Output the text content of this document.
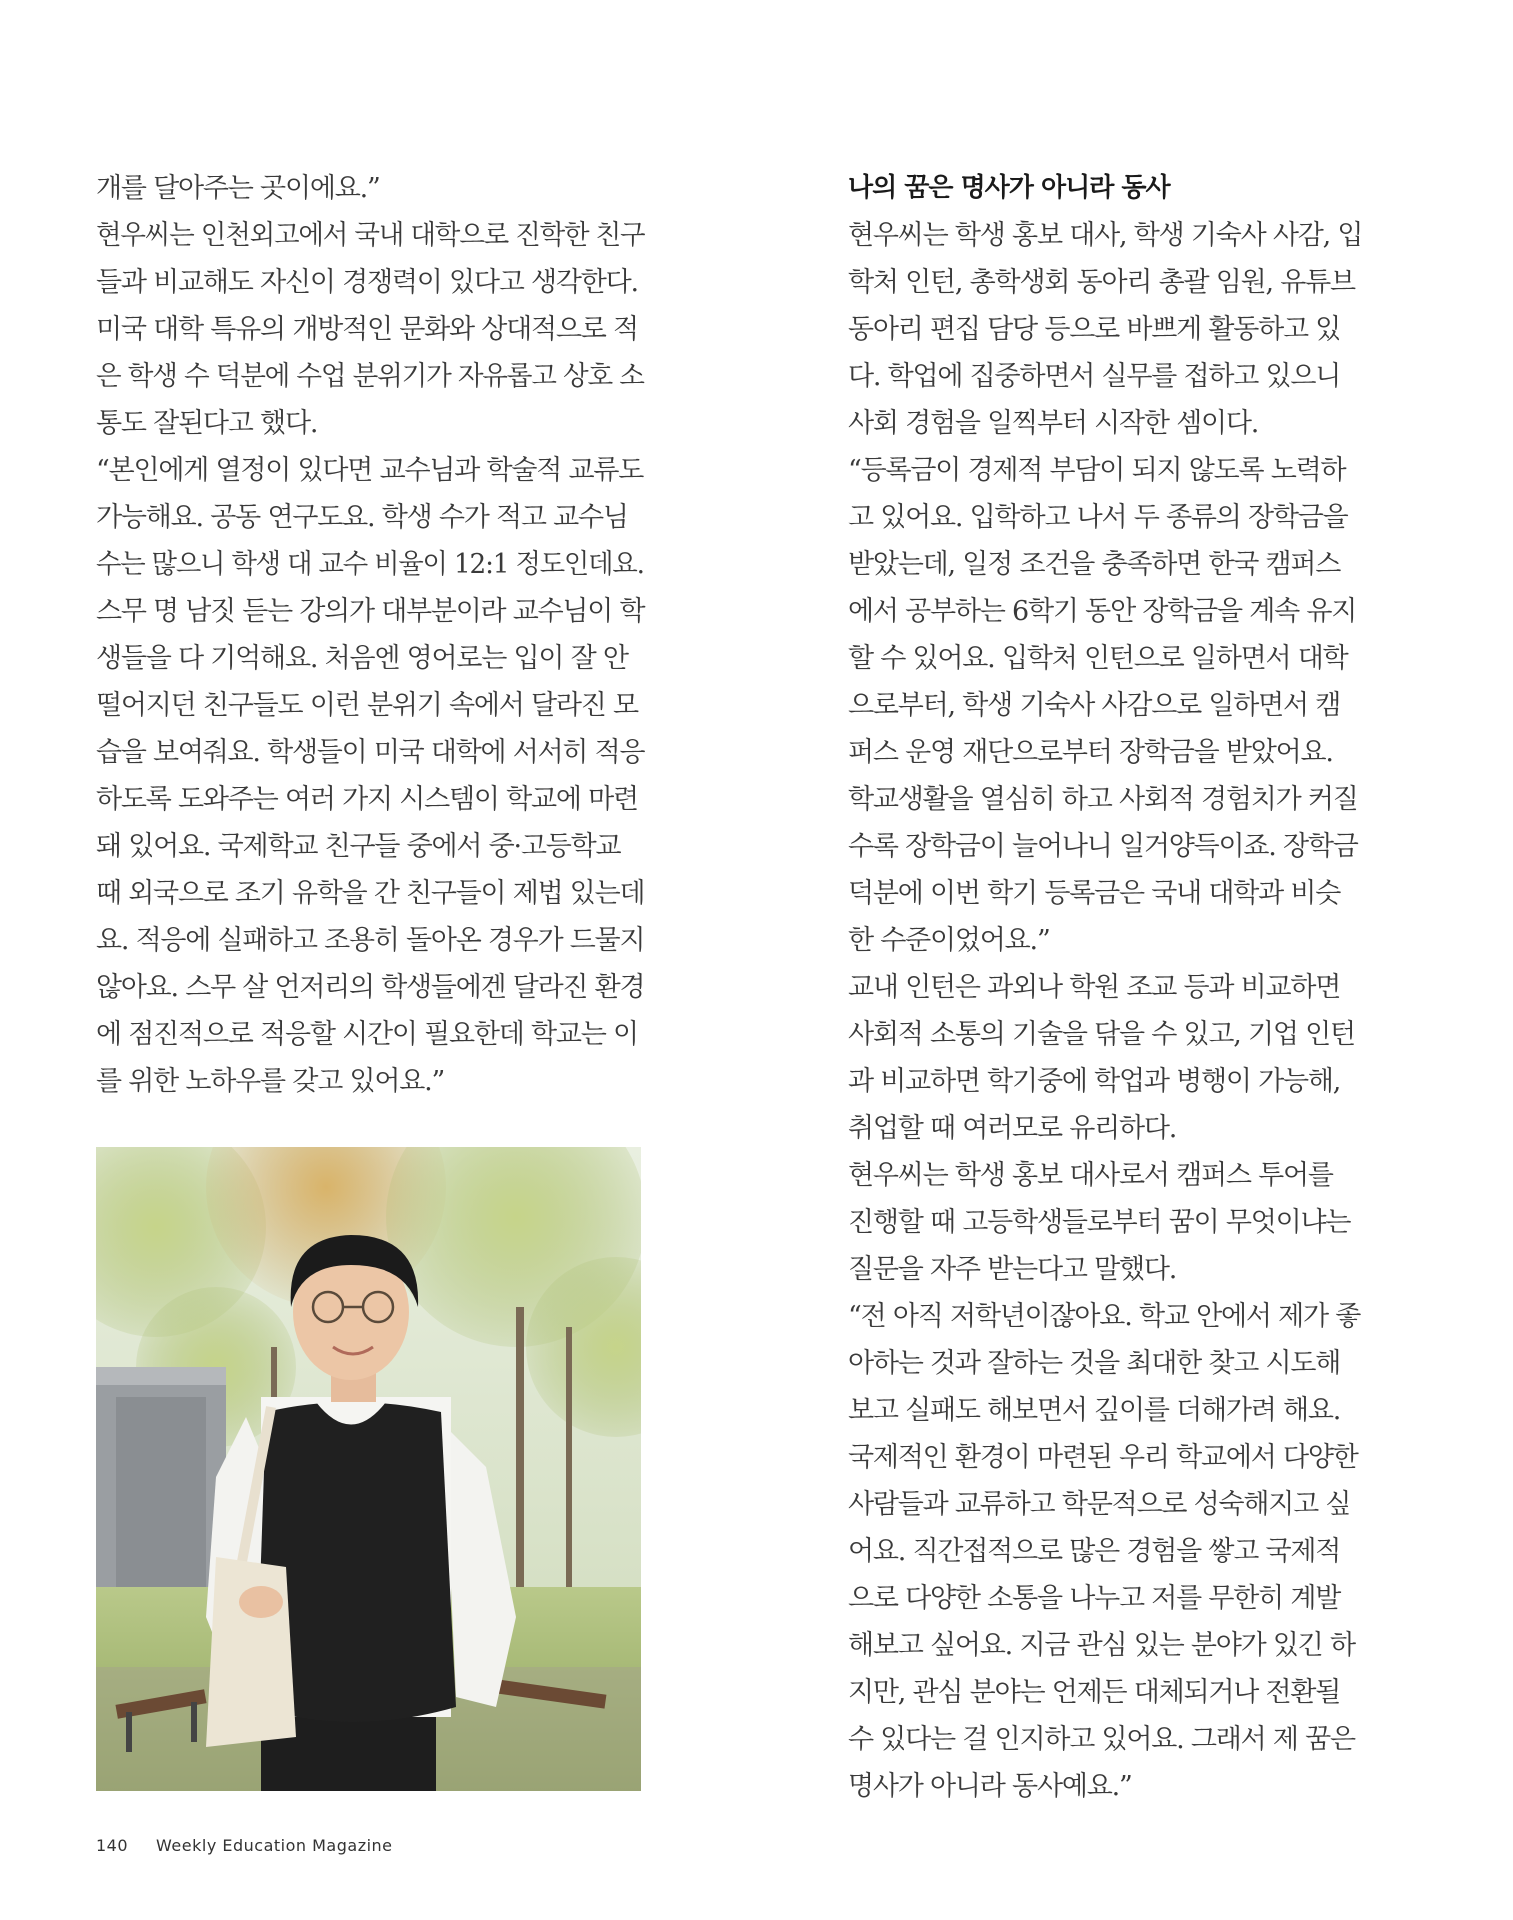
개를 달아주는 곳이에요.”
현우씨는 인천외고에서 국내 대학으로 진학한 친구
들과 비교해도 자신이 경쟁력이 있다고 생각한다.
미국 대학 특유의 개방적인 문화와 상대적으로 적
은 학생 수 덕분에 수업 분위기가 자유롭고 상호 소
통도 잘된다고 했다.
“본인에게 열정이 있다면 교수님과 학술적 교류도
가능해요. 공동 연구도요. 학생 수가 적고 교수님
수는 많으니 학생 대 교수 비율이 12:1 정도인데요.
스무 명 남짓 듣는 강의가 대부분이라 교수님이 학
생들을 다 기억해요. 처음엔 영어로는 입이 잘 안
떨어지던 친구들도 이런 분위기 속에서 달라진 모
습을 보여줘요. 학생들이 미국 대학에 서서히 적응
하도록 도와주는 여러 가지 시스템이 학교에 마련
돼 있어요. 국제학교 친구들 중에서 중·고등학교
때 외국으로 조기 유학을 간 친구들이 제법 있는데
요. 적응에 실패하고 조용히 돌아온 경우가 드물지
않아요. 스무 살 언저리의 학생들에겐 달라진 환경
에 점진적으로 적응할 시간이 필요한데 학교는 이
를 위한 노하우를 갖고 있어요.”
나의 꿈은 명사가 아니라 동사
현우씨는 학생 홍보 대사, 학생 기숙사 사감, 입
학처 인턴, 총학생회 동아리 총괄 임원, 유튜브
동아리 편집 담당 등으로 바쁘게 활동하고 있
다. 학업에 집중하면서 실무를 접하고 있으니
사회 경험을 일찍부터 시작한 셈이다.
“등록금이 경제적 부담이 되지 않도록 노력하
고 있어요. 입학하고 나서 두 종류의 장학금을
받았는데, 일정 조건을 충족하면 한국 캠퍼스
에서 공부하는 6학기 동안 장학금을 계속 유지
할 수 있어요. 입학처 인턴으로 일하면서 대학
으로부터, 학생 기숙사 사감으로 일하면서 캠
퍼스 운영 재단으로부터 장학금을 받았어요.
학교생활을 열심히 하고 사회적 경험치가 커질
수록 장학금이 늘어나니 일거양득이죠. 장학금
덕분에 이번 학기 등록금은 국내 대학과 비슷
한 수준이었어요.”
교내 인턴은 과외나 학원 조교 등과 비교하면
사회적 소통의 기술을 닦을 수 있고, 기업 인턴
과 비교하면 학기중에 학업과 병행이 가능해,
취업할 때 여러모로 유리하다.
현우씨는 학생 홍보 대사로서 캠퍼스 투어를
진행할 때 고등학생들로부터 꿈이 무엇이냐는
질문을 자주 받는다고 말했다.
“전 아직 저학년이잖아요. 학교 안에서 제가 좋
아하는 것과 잘하는 것을 최대한 찾고 시도해
보고 실패도 해보면서 깊이를 더해가려 해요.
국제적인 환경이 마련된 우리 학교에서 다양한
사람들과 교류하고 학문적으로 성숙해지고 싶
어요. 직간접적으로 많은 경험을 쌓고 국제적
으로 다양한 소통을 나누고 저를 무한히 계발
해보고 싶어요. 지금 관심 있는 분야가 있긴 하
지만, 관심 분야는 언제든 대체되거나 전환될
수 있다는 걸 인지하고 있어요. 그래서 제 꿈은
명사가 아니라 동사예요.”
140 Weekly Education Magazine
